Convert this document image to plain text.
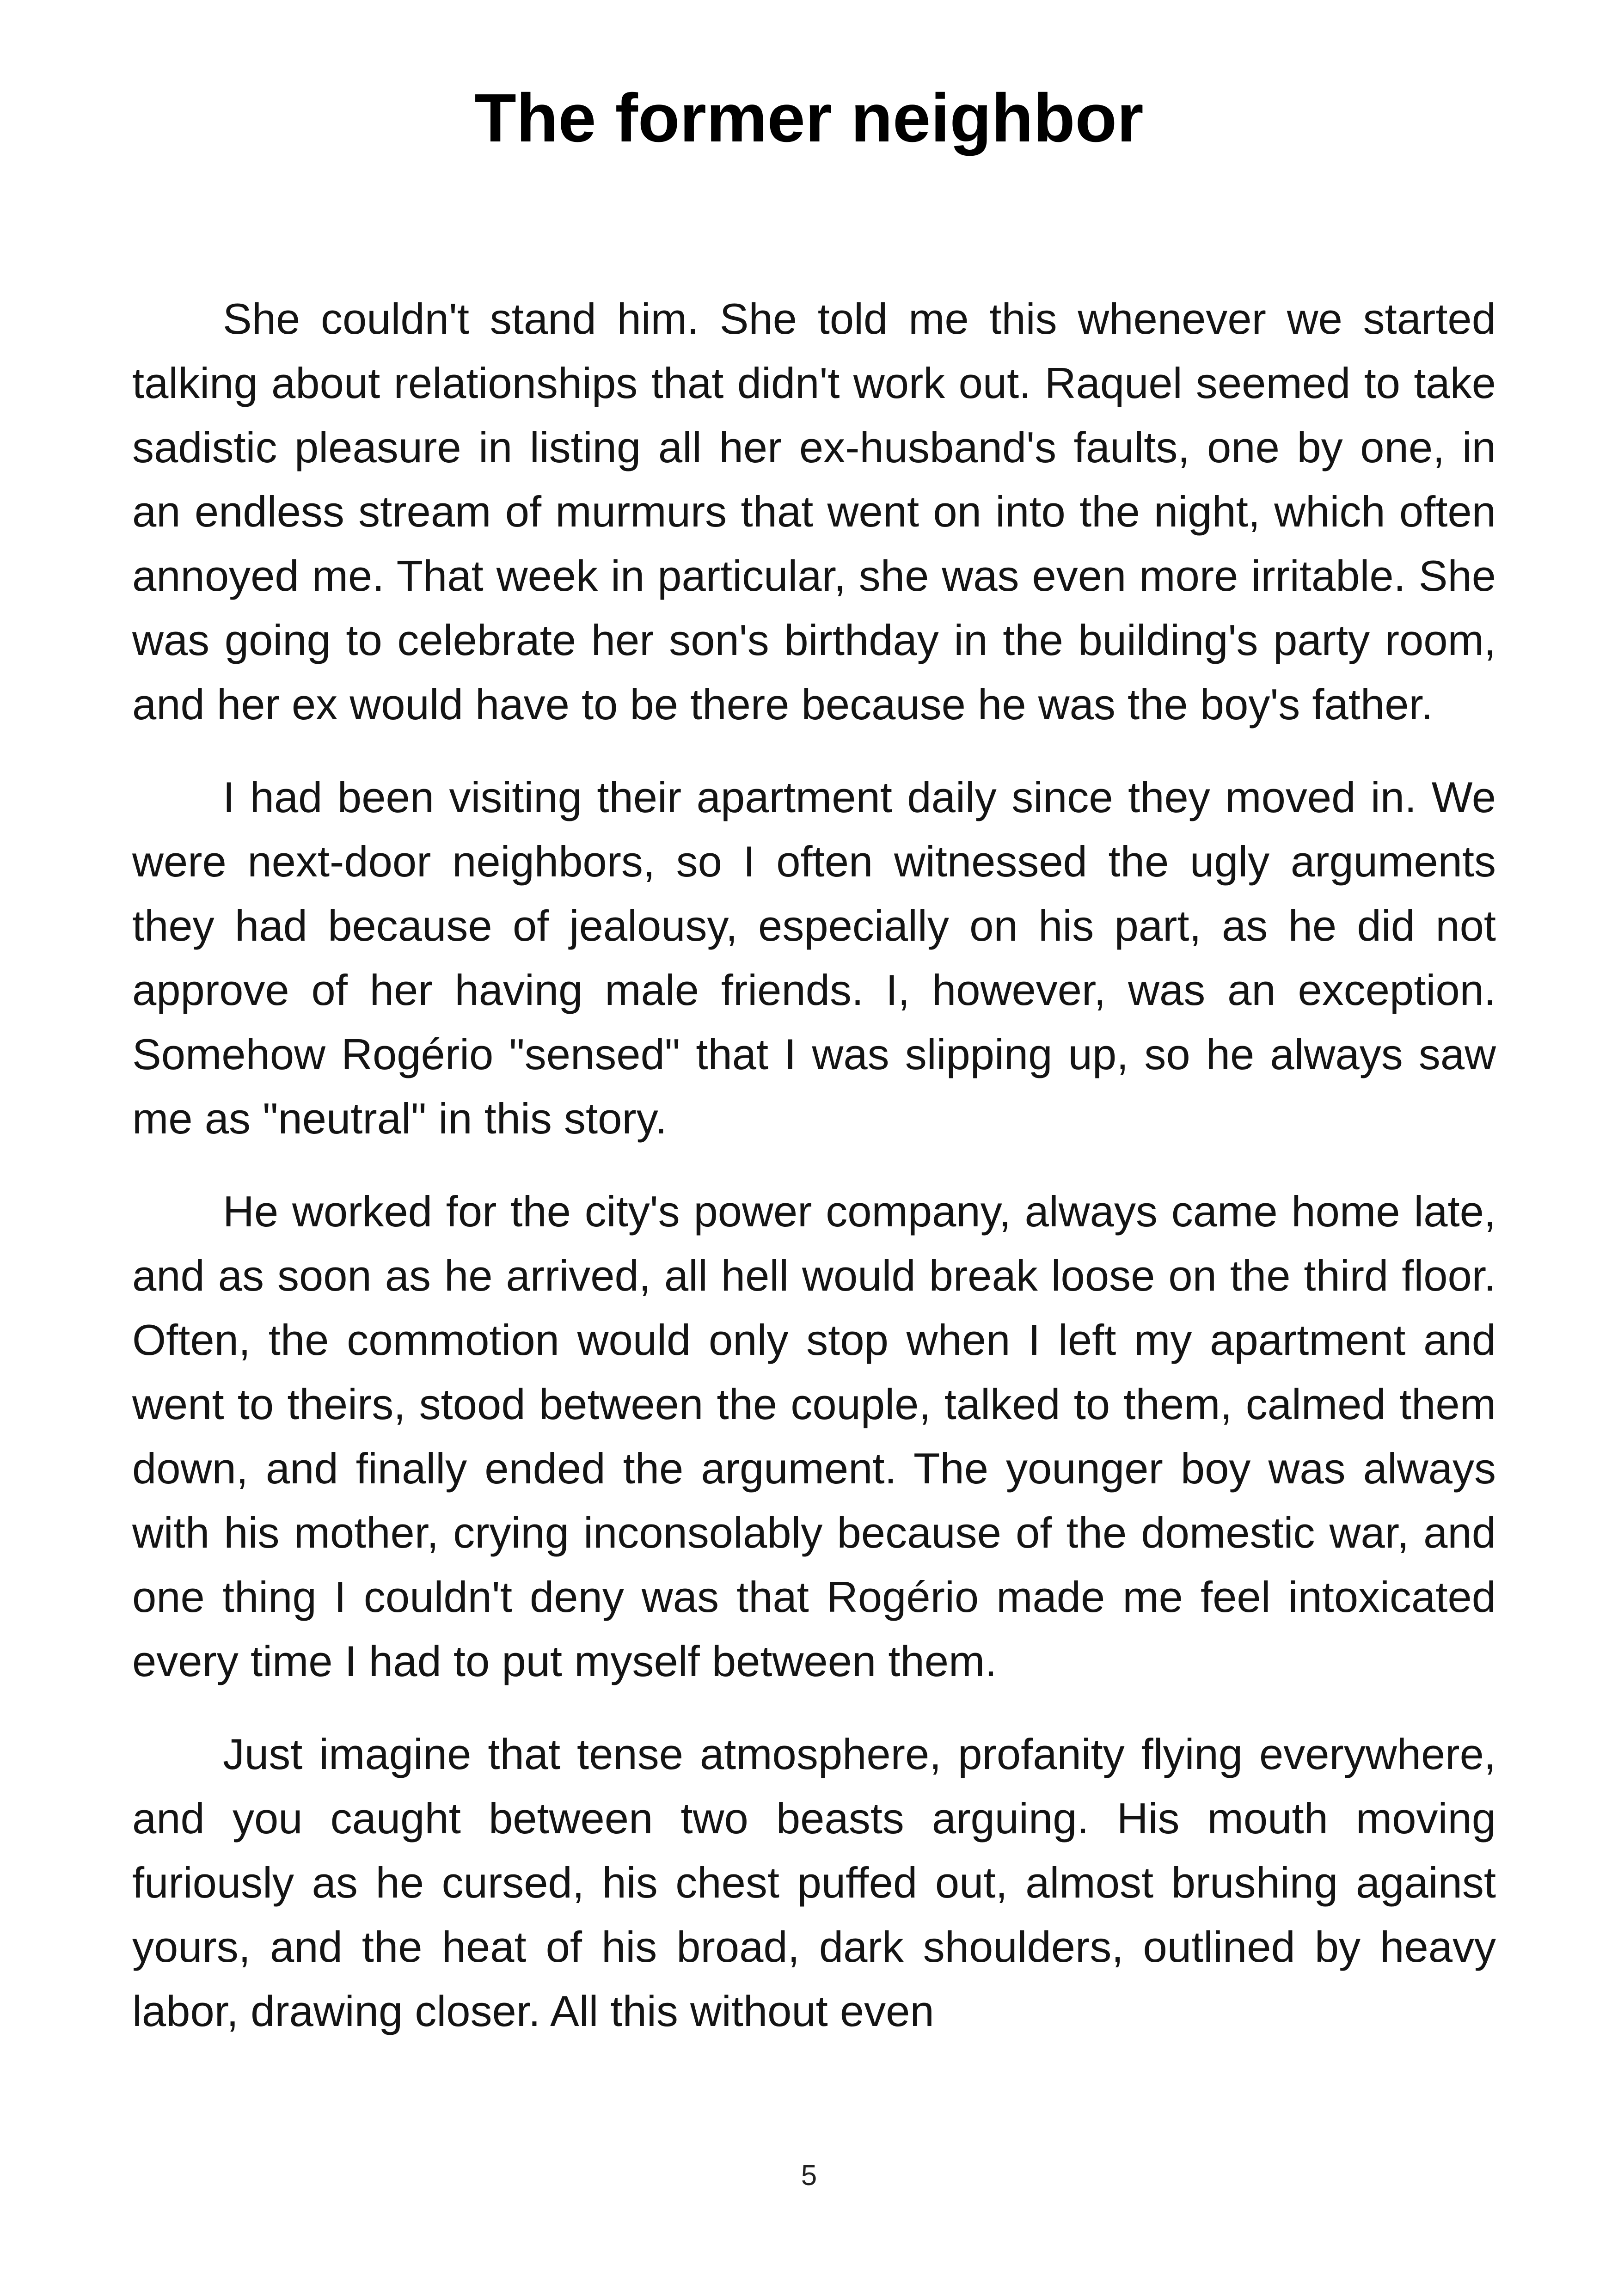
The former neighbor

She couldn't stand him. She told me this whenever we started talking about relationships that didn't work out. Raquel seemed to take sadistic pleasure in listing all her ex-husband's faults, one by one, in an endless stream of murmurs that went on into the night, which often annoyed me. That week in particular, she was even more irritable. She was going to celebrate her son's birthday in the building's party room, and her ex would have to be there because he was the boy's father.

I had been visiting their apartment daily since they moved in. We were next-door neighbors, so I often witnessed the ugly arguments they had because of jealousy, especially on his part, as he did not approve of her having male friends. I, however, was an exception. Somehow Rogério "sensed" that I was slipping up, so he always saw me as "neutral" in this story.

He worked for the city's power company, always came home late, and as soon as he arrived, all hell would break loose on the third floor. Often, the commotion would only stop when I left my apartment and went to theirs, stood between the couple, talked to them, calmed them down, and finally ended the argument. The younger boy was always with his mother, crying inconsolably because of the domestic war, and one thing I couldn't deny was that Rogério made me feel intoxicated every time I had to put myself between them.

Just imagine that tense atmosphere, profanity flying everywhere, and you caught between two beasts arguing. His mouth moving furiously as he cursed, his chest puffed out, almost brushing against yours, and the heat of his broad, dark shoulders, outlined by heavy labor, drawing closer. All this without even

5
